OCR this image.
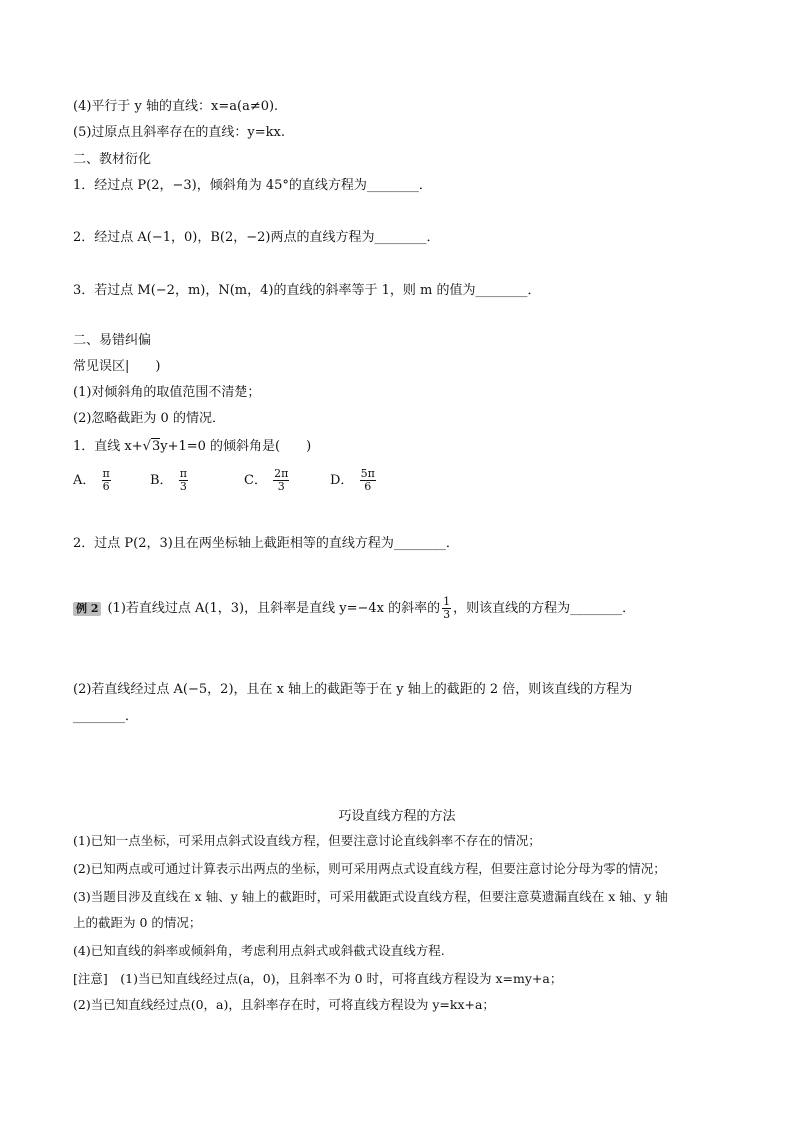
(4)平行于 y 轴的直线：x=a(a≠0).
(5)过原点且斜率存在的直线：y=kx.
二、教材衍化
1．经过点 P(2，−3)，倾斜角为 45°的直线方程为________．
2．经过点 A(−1，0)，B(2，−2)两点的直线方程为________．
3．若过点 M(−2，m)，N(m，4)的直线的斜率等于 1，则 m 的值为________．
二、易错纠偏
常见误区|　　)
(1)对倾斜角的取值范围不清楚；
(2)忽略截距为 0 的情况．
1．直线 x+√3y+1=0 的倾斜角是(　　)
A． $\frac{\pi}{6}$	B． $\frac{\pi}{3}$	C． $\frac{2\pi}{3}$	D． $\frac{5\pi}{6}$
2．过点 P(2，3)且在两坐标轴上截距相等的直线方程为________．
例 2 (1)若直线过点 A(1，3)，且斜率是直线 y=−4x 的斜率的 $\frac{1}{3}$ ，则该直线的方程为________．
(2)若直线经过点 A(−5，2)，且在 x 轴上的截距等于在 y 轴上的截距的 2 倍，则该直线的方程为
________．
巧设直线方程的方法
(1)已知一点坐标，可采用点斜式设直线方程，但要注意讨论直线斜率不存在的情况；
(2)已知两点或可通过计算表示出两点的坐标，则可采用两点式设直线方程，但要注意讨论分母为零的情况；
(3)当题目涉及直线在 x 轴、y 轴上的截距时，可采用截距式设直线方程，但要注意莫遗漏直线在 x 轴、y 轴
上的截距为 0 的情况；
(4)已知直线的斜率或倾斜角，考虑利用点斜式或斜截式设直线方程.
[注意]　(1)当已知直线经过点(a，0)，且斜率不为 0 时，可将直线方程设为 x=my+a；
(2)当已知直线经过点(0，a)，且斜率存在时，可将直线方程设为 y=kx+a；
